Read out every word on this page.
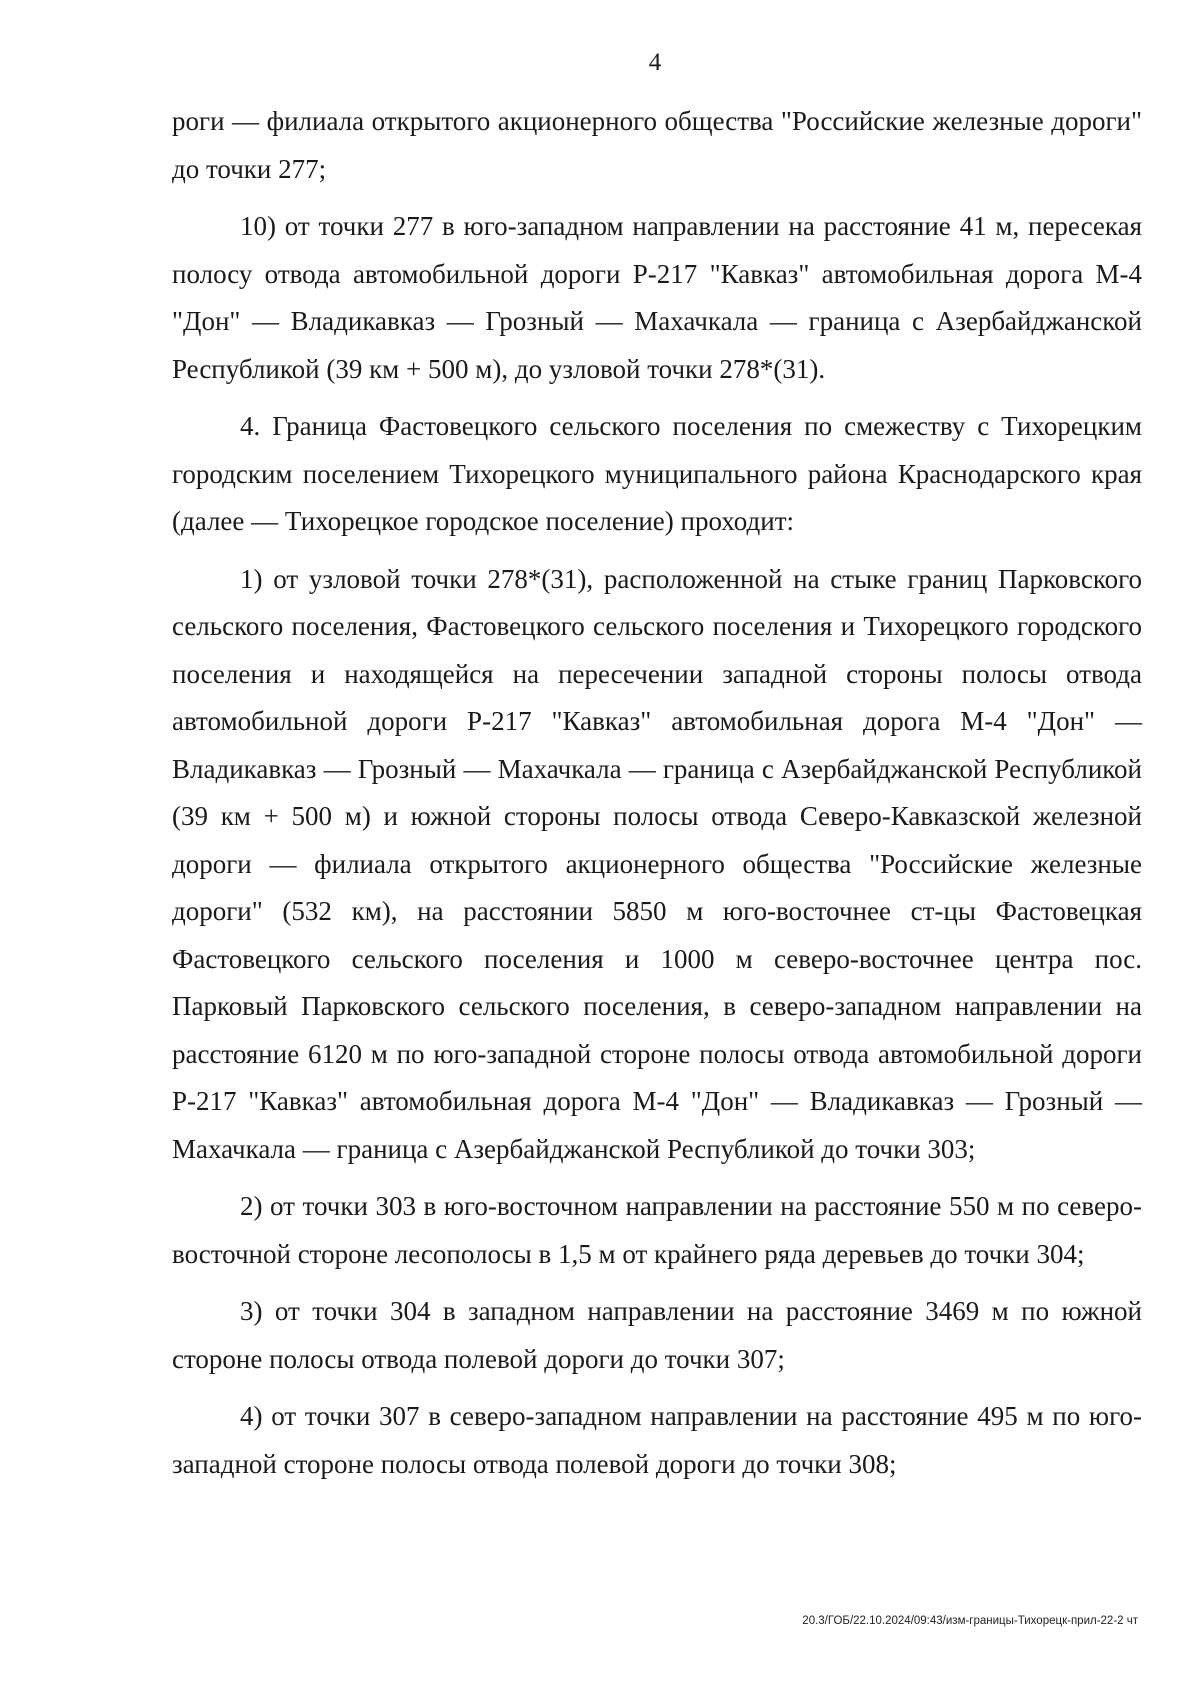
4

роги — филиала открытого акционерного общества "Российские железные дороги" до точки 277;

10) от точки 277 в юго-западном направлении на расстояние 41 м, пересекая полосу отвода автомобильной дороги Р-217 "Кавказ" автомобильная дорога М-4 "Дон" — Владикавказ — Грозный — Махачкала — граница с Азербайджанской Республикой (39 км + 500 м), до узловой точки 278*(31).

4. Граница Фастовецкого сельского поселения по смежеству с Тихорецким городским поселением Тихорецкого муниципального района Краснодарского края (далее — Тихорецкое городское поселение) проходит:

1) от узловой точки 278*(31), расположенной на стыке границ Парковского сельского поселения, Фастовецкого сельского поселения и Тихорецкого городского поселения и находящейся на пересечении западной стороны полосы отвода автомобильной дороги Р-217 "Кавказ" автомобильная дорога М-4 "Дон" — Владикавказ — Грозный — Махачкала — граница с Азербайджанской Республикой (39 км + 500 м) и южной стороны полосы отвода Северо-Кавказской железной дороги — филиала открытого акционерного общества "Российские железные дороги" (532 км), на расстоянии 5850 м юго-восточнее ст-цы Фастовецкая Фастовецкого сельского поселения и 1000 м северо-восточнее центра пос. Парковый Парковского сельского поселения, в северо-западном направлении на расстояние 6120 м по юго-западной стороне полосы отвода автомобильной дороги Р-217 "Кавказ" автомобильная дорога М-4 "Дон" — Владикавказ — Грозный — Махачкала — граница с Азербайджанской Республикой до точки 303;

2) от точки 303 в юго-восточном направлении на расстояние 550 м по северо-восточной стороне лесополосы в 1,5 м от крайнего ряда деревьев до точки 304;

3) от точки 304 в западном направлении на расстояние 3469 м по южной стороне полосы отвода полевой дороги до точки 307;

4) от точки 307 в северо-западном направлении на расстояние 495 м по юго-западной стороне полосы отвода полевой дороги до точки 308;

20.3/ГОБ/22.10.2024/09:43/изм-границы-Тихорецк-прил-22-2 чт
